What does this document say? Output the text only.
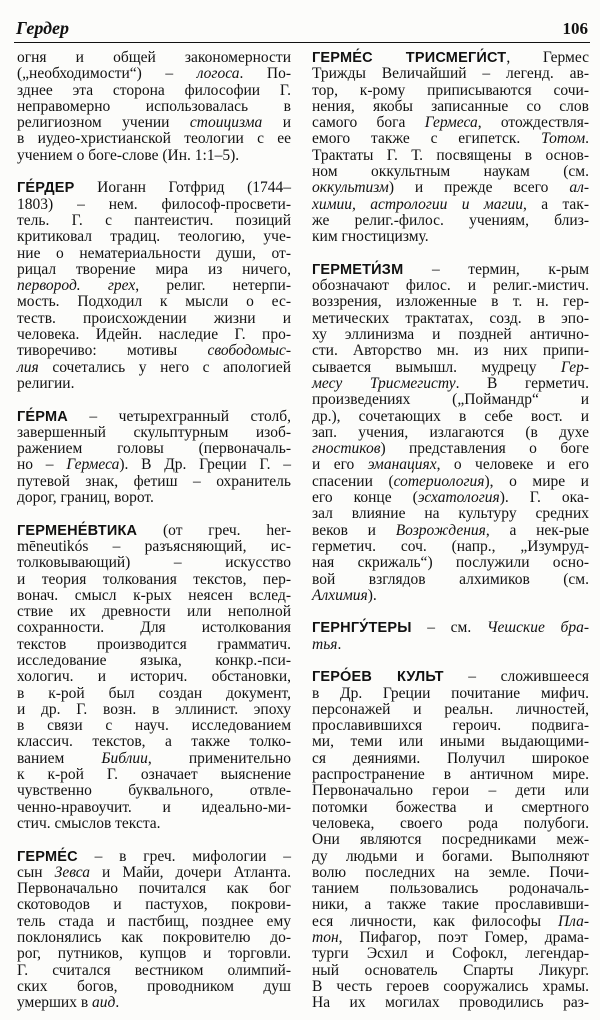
Гердер	106
огня и общей закономерности
(„необходимости“) – логоса. По-
зднее эта сторона философии Г.
неправомерно использовалась в
религиозном учении стоицизма и
в иудео-христианской теологии с ее
учением о боге-слове (Ин. 1:1–5).
ГЕ́РДЕР Иоганн Готфрид (1744–
1803) – нем. философ-просвети-
тель. Г. с пантеистич. позиций
критиковал традиц. теологию, уче-
ние о нематериальности души, от-
рицал творение мира из ничего,
первород. грех, религ. нетерпи-
мость. Подходил к мысли о ес-
теств. происхождении жизни и
человека. Идейн. наследие Г. про-
тиворечиво: мотивы свободомыс-
лия сочетались у него с апологией
религии.
ГЕ́РМА – четырехгранный столб,
завершенный скульптурным изоб-
ражением головы (первоначаль-
но – Гермеса). В Др. Греции Г. –
путевой знак, фетиш – охранитель
дорог, границ, ворот.
ГЕРМЕНЕ́ВТИКА (от греч. her-
mēneutikós – разъясняющий, ис-
толковывающий) – искусство
и теория толкования текстов, пер-
вонач. смысл к-рых неясен вслед-
ствие их древности или неполной
сохранности. Для истолкования
текстов производится грамматич.
исследование языка, конкр.-пси-
хологич. и историч. обстановки,
в к-рой был создан документ,
и др. Г. возн. в эллинист. эпоху
в связи с науч. исследованием
классич. текстов, а также толко-
ванием Библии, применительно
к к-рой Г. означает выяснение
чувственно буквального, отвле-
ченно-нравоучит. и идеально-ми-
стич. смыслов текста.
ГЕРМЕ́С – в греч. мифологии –
сын Зевса и Майи, дочери Атланта.
Первоначально почитался как бог
скотоводов и пастухов, покрови-
тель стада и пастбищ, позднее ему
поклонялись как покровителю до-
рог, путников, купцов и торговли.
Г. считался вестником олимпий-
ских богов, проводником душ
умерших в аид.
ГЕРМЕ́С ТРИСМЕГИ́СТ, Гермес
Трижды Величайший – легенд. ав-
тор, к-рому приписываются сочи-
нения, якобы записанные со слов
самого бога Гермеса, отождествля-
емого также с египетск. Тотом.
Трактаты Г. Т. посвящены в основ-
ном оккультным наукам (см.
оккультизм) и прежде всего ал-
химии, астрологии и магии, а так-
же религ.-филос. учениям, близ-
ким гностицизму.
ГЕРМЕТИ́ЗМ – термин, к-рым
обозначают филос. и религ.-мистич.
воззрения, изложенные в т. н. гер-
метических трактатах, созд. в эпо-
ху эллинизма и поздней антично-
сти. Авторство мн. из них припи-
сывается вымышл. мудрецу Гер-
месу Трисмегисту. В герметич.
произведениях („Поймандр“ и
др.), сочетающих в себе вост. и
зап. учения, излагаются (в духе
гностиков) представления о боге
и его эманациях, о человеке и его
спасении (сотериология), о мире и
его конце (эсхатология). Г. ока-
зал влияние на культуру средних
веков и Возрождения, а нек-рые
герметич. соч. (напр., „Изумруд-
ная скрижаль“) послужили осно-
вой взглядов алхимиков (см.
Алхимия).
ГЕРНГУ́ТЕРЫ – см. Чешские бра-
тья.
ГЕРО́ЕВ КУЛЬТ – сложившееся
в Др. Греции почитание мифич.
персонажей и реальн. личностей,
прославившихся героич. подвига-
ми, теми или иными выдающими-
ся деяниями. Получил широкое
распространение в античном мире.
Первоначально герои – дети или
потомки божества и смертного
человека, своего рода полубоги.
Они являются посредниками меж-
ду людьми и богами. Выполняют
волю последних на земле. Почи-
танием пользовались родоначаль-
ники, а также такие прославивши-
еся личности, как философы Пла-
тон, Пифагор, поэт Гомер, драма-
турги Эсхил и Софокл, легендар-
ный основатель Спарты Ликург.
В честь героев сооружались храмы.
На их могилах проводились раз-
